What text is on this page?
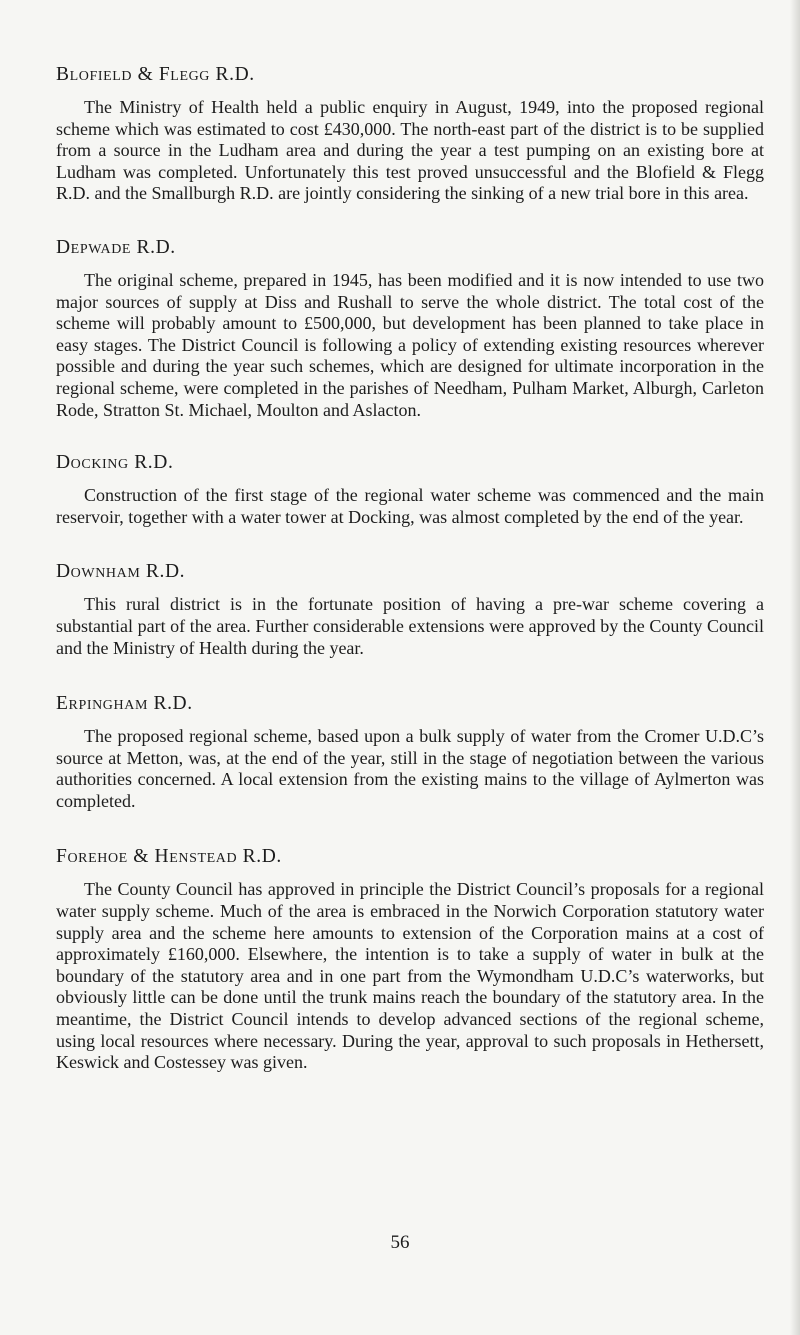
Blofield & Flegg R.D.

The Ministry of Health held a public enquiry in August, 1949, into the proposed regional scheme which was estimated to cost £430,000. The north-east part of the district is to be supplied from a source in the Ludham area and during the year a test pumping on an existing bore at Ludham was completed. Unfortunately this test proved unsuccessful and the Blofield & Flegg R.D. and the Smallburgh R.D. are jointly considering the sinking of a new trial bore in this area.

Depwade R.D.

The original scheme, prepared in 1945, has been modified and it is now intended to use two major sources of supply at Diss and Rushall to serve the whole district. The total cost of the scheme will probably amount to £500,000, but development has been planned to take place in easy stages. The District Council is following a policy of extending existing resources wherever possible and during the year such schemes, which are designed for ultimate incorporation in the regional scheme, were completed in the parishes of Needham, Pulham Market, Alburgh, Carleton Rode, Stratton St. Michael, Moulton and Aslacton.

Docking R.D.

Construction of the first stage of the regional water scheme was commenced and the main reservoir, together with a water tower at Docking, was almost completed by the end of the year.

Downham R.D.

This rural district is in the fortunate position of having a pre-war scheme covering a substantial part of the area. Further considerable extensions were approved by the County Council and the Ministry of Health during the year.

Erpingham R.D.

The proposed regional scheme, based upon a bulk supply of water from the Cromer U.D.C’s source at Metton, was, at the end of the year, still in the stage of negotiation between the various authorities concerned. A local extension from the existing mains to the village of Aylmerton was completed.

Forehoe & Henstead R.D.

The County Council has approved in principle the District Council’s proposals for a regional water supply scheme. Much of the area is embraced in the Norwich Corporation statutory water supply area and the scheme here amounts to extension of the Corporation mains at a cost of approximately £160,000. Elsewhere, the intention is to take a supply of water in bulk at the boundary of the statutory area and in one part from the Wymondham U.D.C’s waterworks, but obviously little can be done until the trunk mains reach the boundary of the statutory area. In the meantime, the District Council intends to develop advanced sections of the regional scheme, using local resources where necessary. During the year, approval to such proposals in Hethersett, Keswick and Costessey was given.

56
